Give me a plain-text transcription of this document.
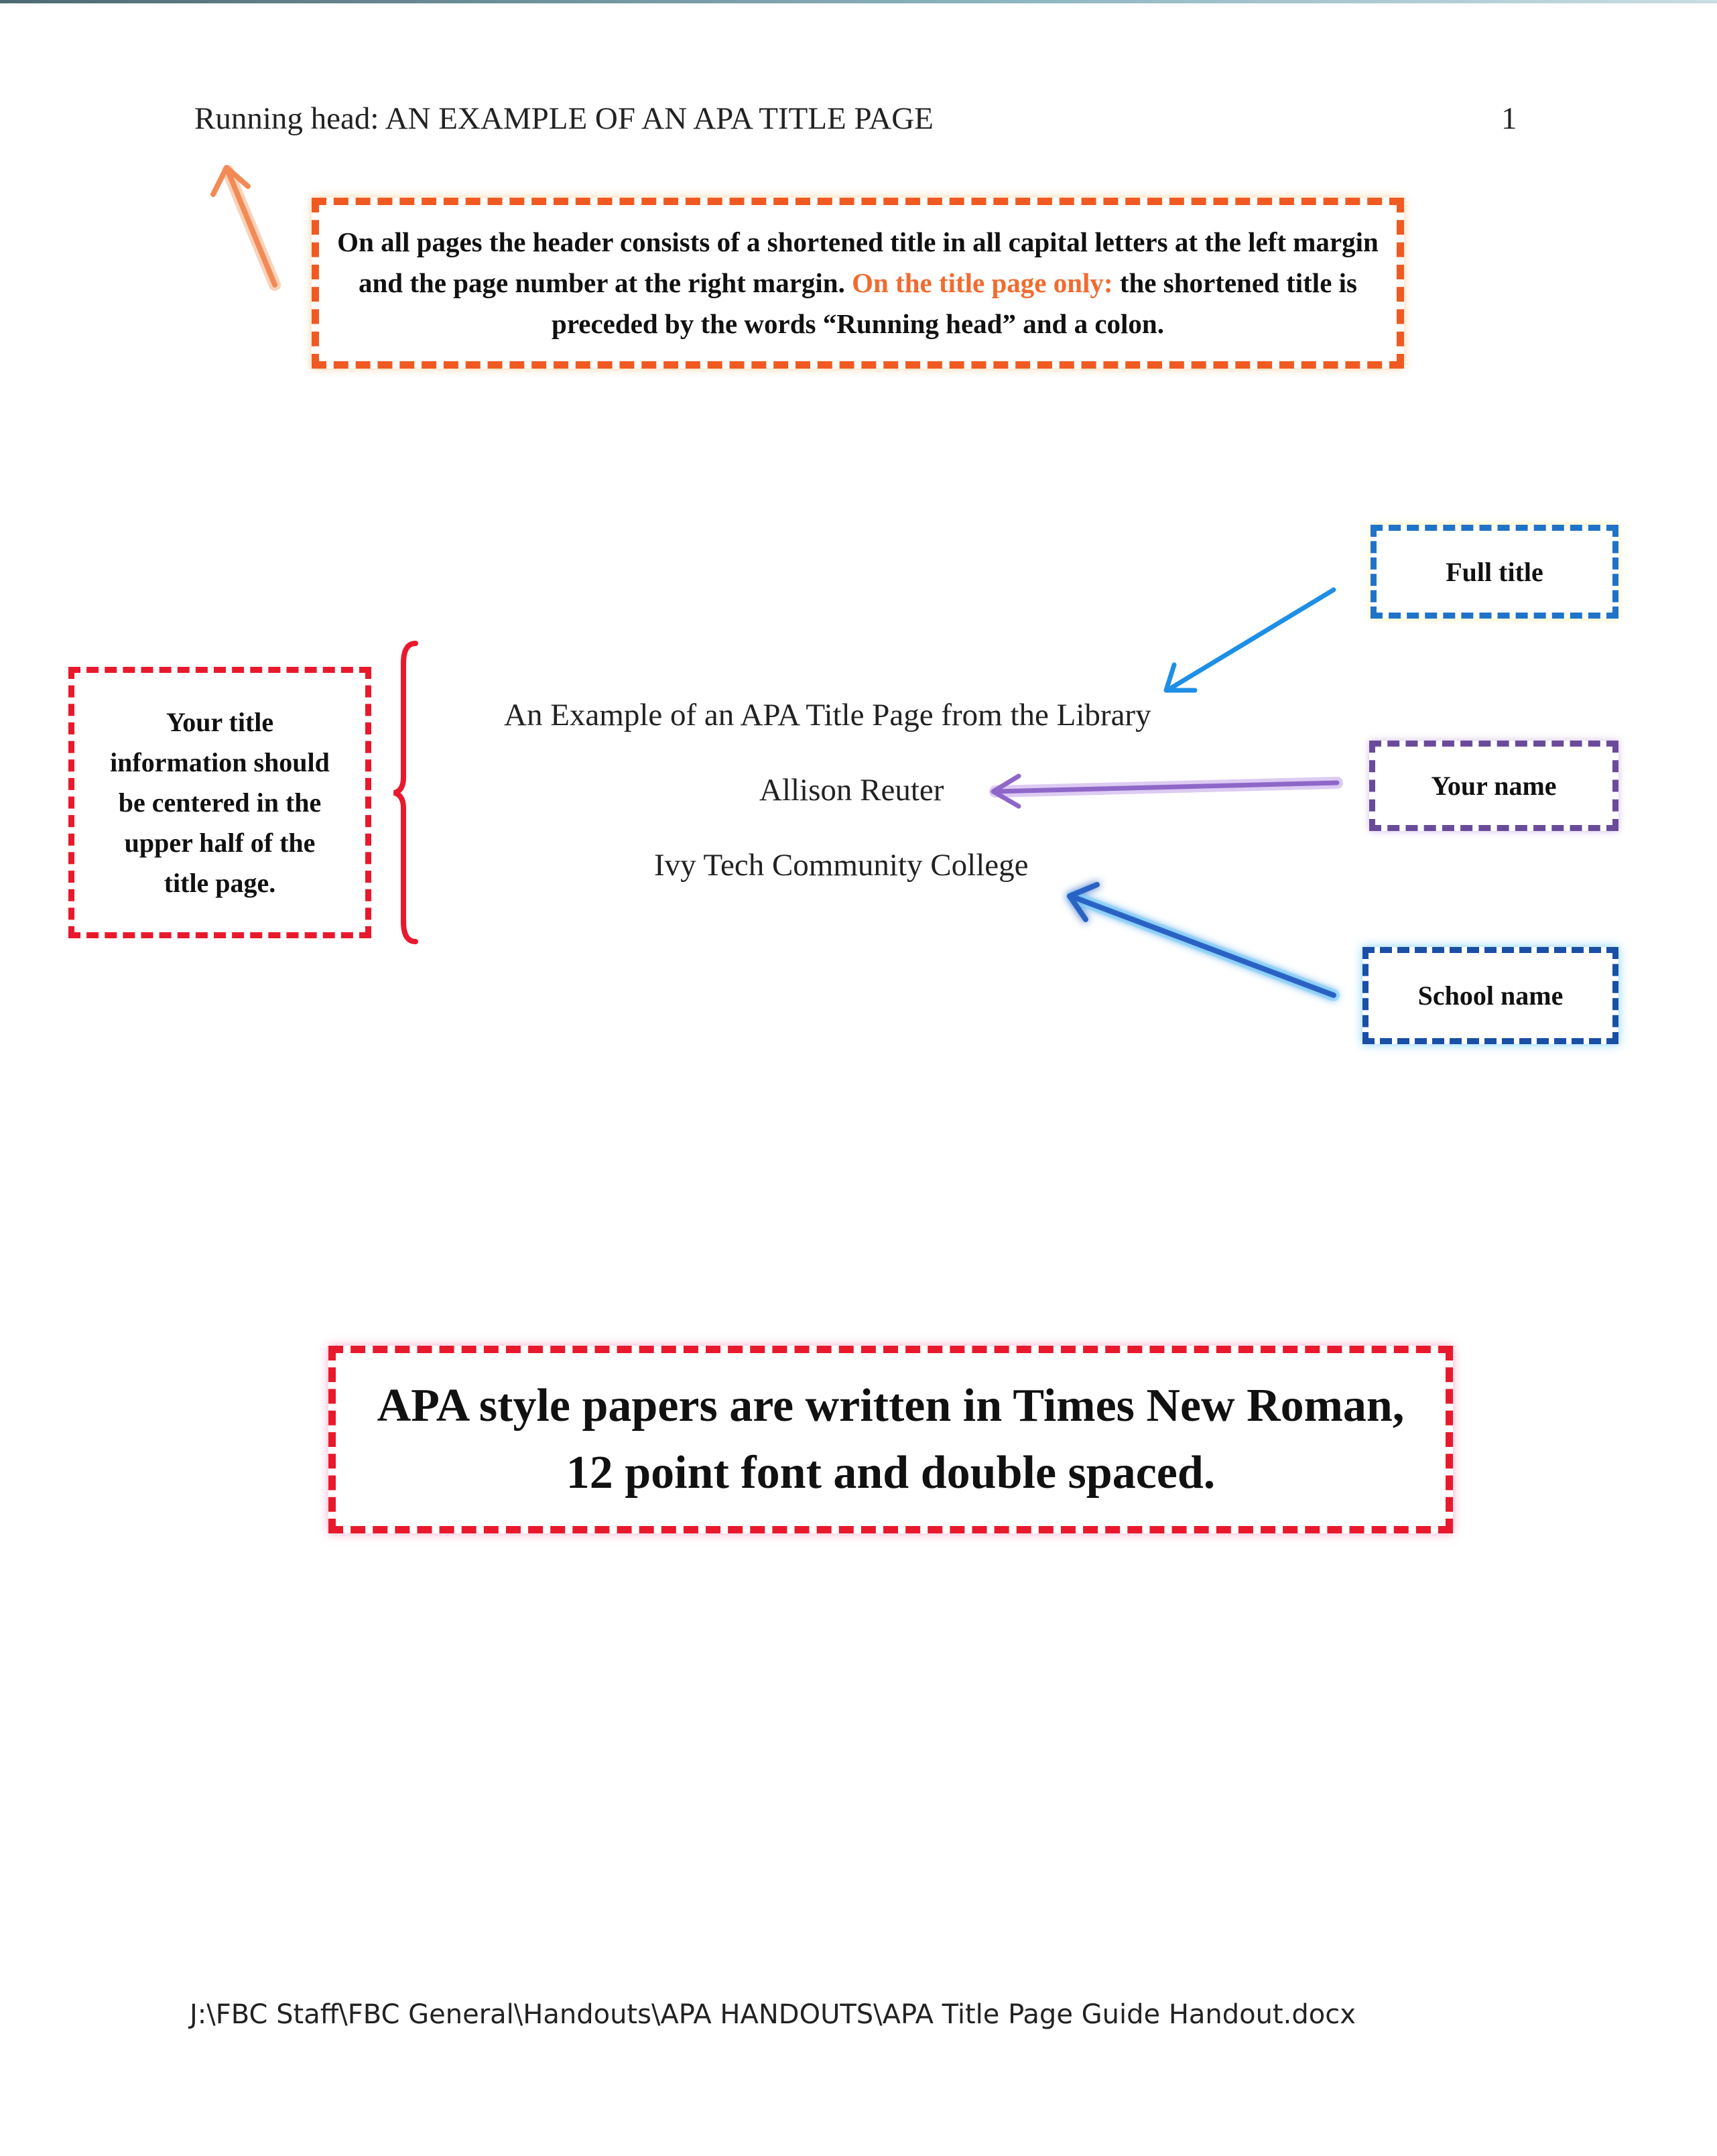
Running head: AN EXAMPLE OF AN APA TITLE PAGE	1
On all pages the header consists of a shortened title in all capital letters at the left margin and the page number at the right margin. On the title page only: the shortened title is preceded by the words “Running head” and a colon.
Full title
Your name
School name
Your title information should be centered in the upper half of the title page.
An Example of an APA Title Page from the Library
Allison Reuter
Ivy Tech Community College
APA style papers are written in Times New Roman, 12 point font and double spaced.
J:\FBC Staff\FBC General\Handouts\APA HANDOUTS\APA Title Page Guide Handout.docx
